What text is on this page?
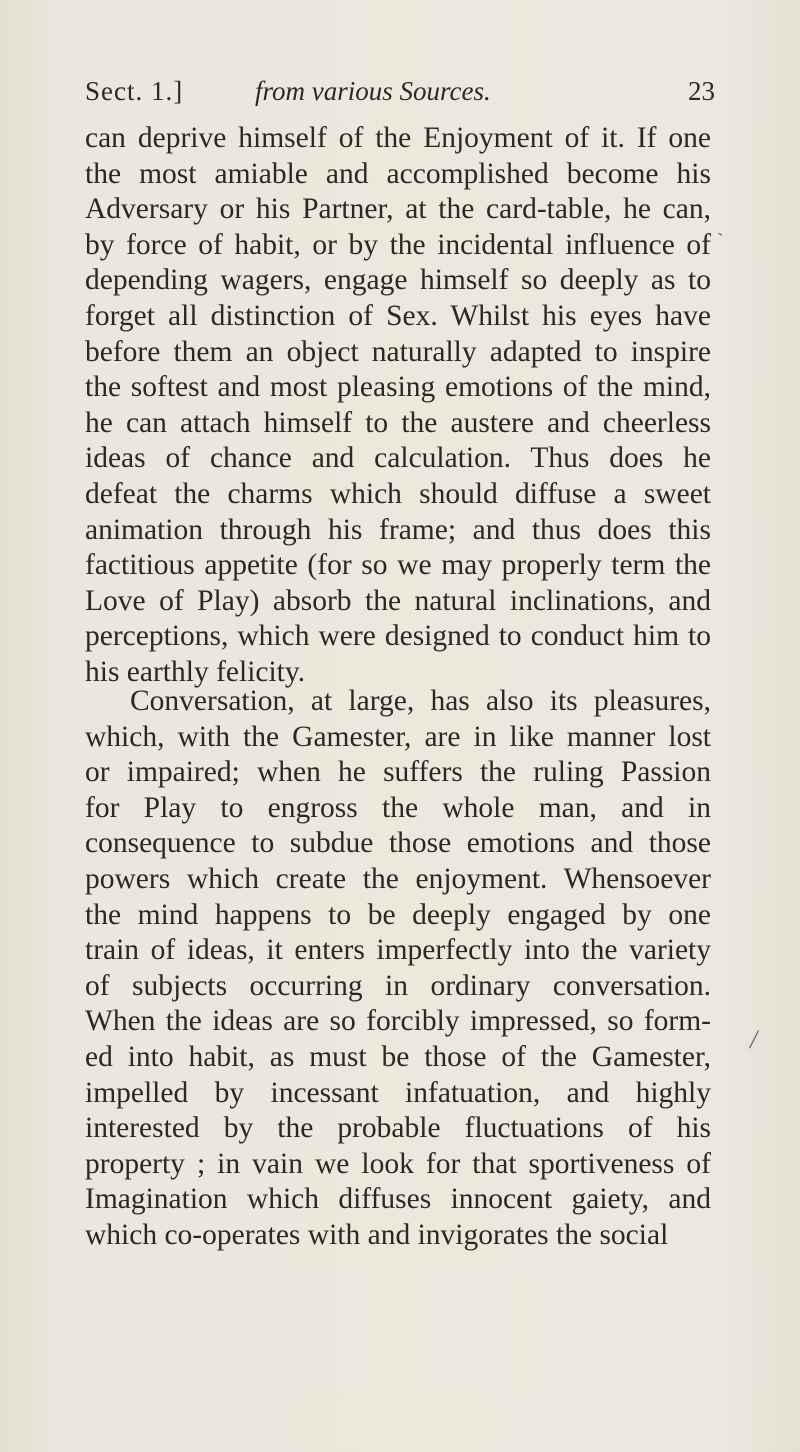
Sect. 1.]	from various Sources.	23
can deprive himself of the Enjoyment of it. If one
the most amiable and accomplished become his
Adversary or his Partner, at the card-table, he can,
by force of habit, or by the incidental influence of
depending wagers, engage himself so deeply as to
forget all distinction of Sex. Whilst his eyes have
before them an object naturally adapted to inspire
the softest and most pleasing emotions of the mind,
he can attach himself to the austere and cheerless
ideas of chance and calculation. Thus does he
defeat the charms which should diffuse a sweet
animation through his frame; and thus does this
factitious appetite (for so we may properly term the
Love of Play) absorb the natural inclinations, and
perceptions, which were designed to conduct him to
his earthly felicity.
Conversation, at large, has also its pleasures,
which, with the Gamester, are in like manner lost
or impaired; when he suffers the ruling Passion
for Play to engross the whole man, and in
consequence to subdue those emotions and those
powers which create the enjoyment. Whensoever
the mind happens to be deeply engaged by one
train of ideas, it enters imperfectly into the variety
of subjects occurring in ordinary conversation.
When the ideas are so forcibly impressed, so form-
ed into habit, as must be those of the Gamester,
impelled by incessant infatuation, and highly
interested by the probable fluctuations of his
property ; in vain we look for that sportiveness of
Imagination which diffuses innocent gaiety, and
which co-operates with and invigorates the social
`
/
